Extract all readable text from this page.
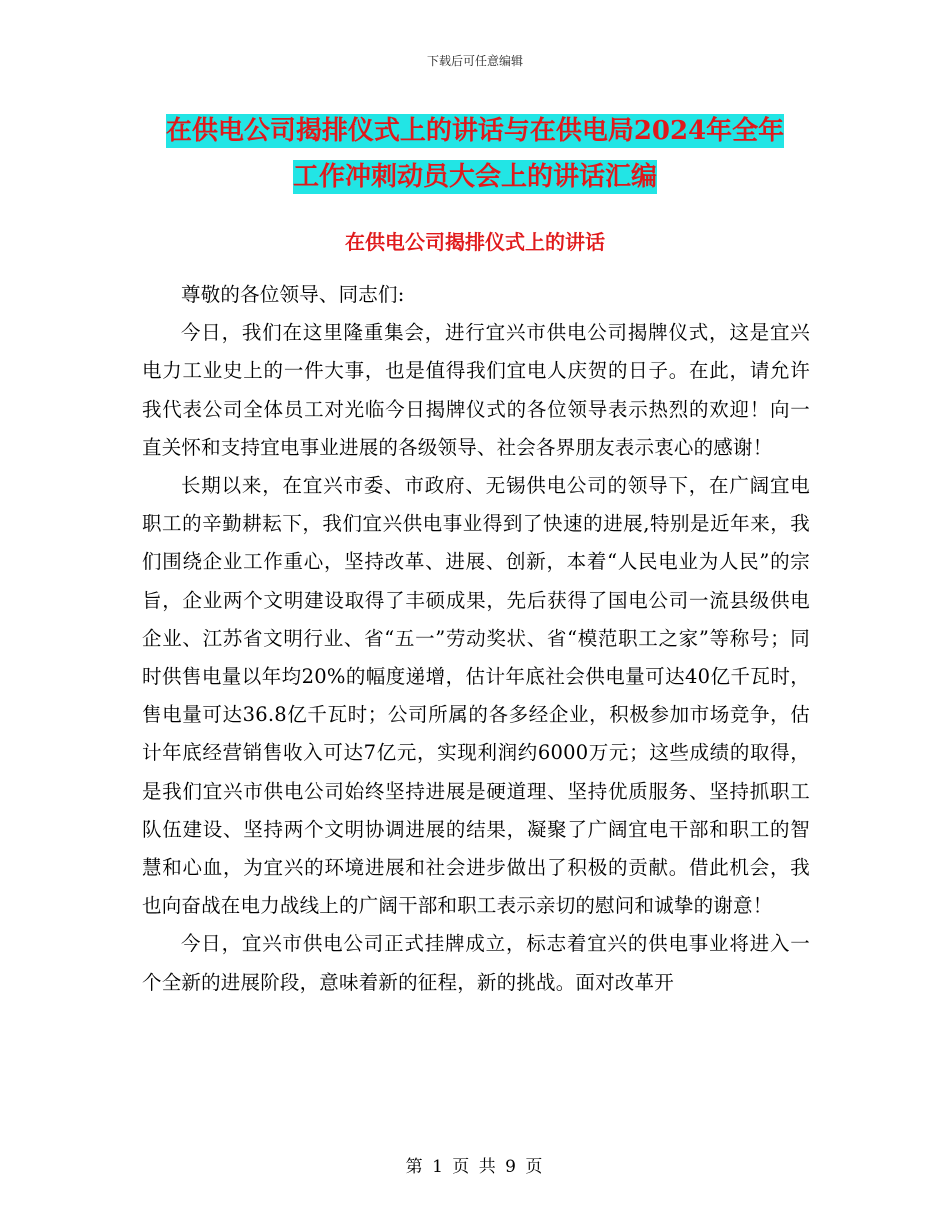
下载后可任意编辑
在供电公司揭排仪式上的讲话与在供电局2024年全年
工作冲刺动员大会上的讲话汇编
在供电公司揭排仪式上的讲话

尊敬的各位领导、同志们:

今日，我们在这里隆重集会，进行宜兴市供电公司揭牌仪式，这是宜兴电力工业史上的一件大事，也是值得我们宜电人庆贺的日子。在此，请允许我代表公司全体员工对光临今日揭牌仪式的各位领导表示热烈的欢迎！向一直关怀和支持宜电事业进展的各级领导、社会各界朋友表示衷心的感谢！

长期以来，在宜兴市委、市政府、无锡供电公司的领导下，在广阔宜电职工的辛勤耕耘下，我们宜兴供电事业得到了快速的进展,特别是近年来，我们围绕企业工作重心，坚持改革、进展、创新，本着“人民电业为人民”的宗旨，企业两个文明建设取得了丰硕成果，先后获得了国电公司一流县级供电企业、江苏省文明行业、省“五一”劳动奖状、省“模范职工之家”等称号；同时供售电量以年均20%的幅度递增，估计年底社会供电量可达40亿千瓦时，售电量可达36.8亿千瓦时；公司所属的各多经企业，积极参加市场竞争，估计年底经营销售收入可达7亿元，实现利润约6000万元；这些成绩的取得，是我们宜兴市供电公司始终坚持进展是硬道理、坚持优质服务、坚持抓职工队伍建设、坚持两个文明协调进展的结果，凝聚了广阔宜电干部和职工的智慧和心血，为宜兴的环境进展和社会进步做出了积极的贡献。借此机会，我也向奋战在电力战线上的广阔干部和职工表示亲切的慰问和诚挚的谢意！

今日，宜兴市供电公司正式挂牌成立，标志着宜兴的供电事业将进入一个全新的进展阶段，意味着新的征程，新的挑战。面对改革开

第 1 页 共 9 页
